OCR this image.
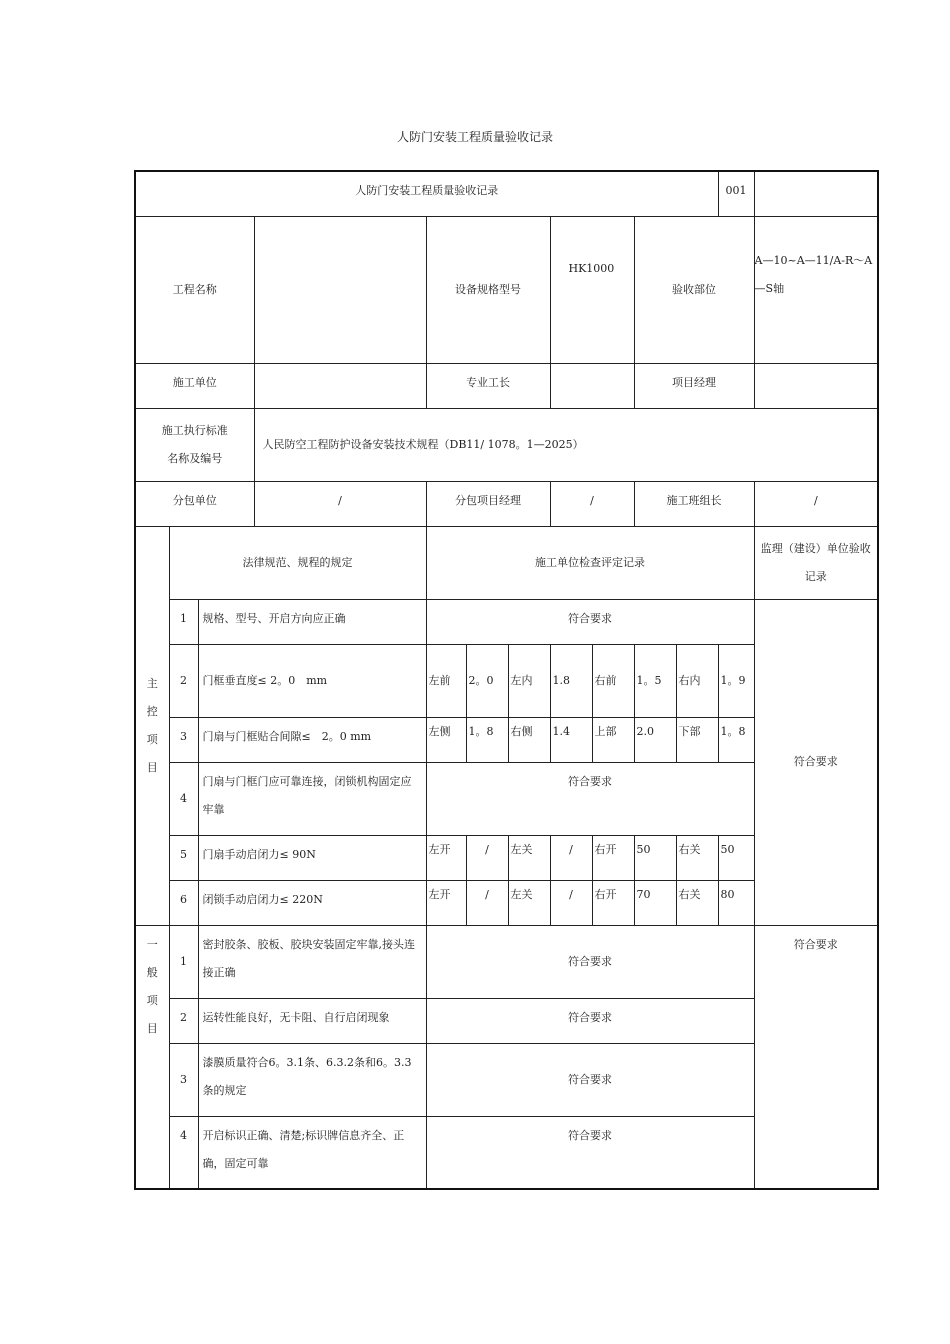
人防门安装工程质量验收记录
人防门安装工程质量验收记录											001	
工程名称				设备规格型号			HK1000		验收部位			A—10~A—11/A-R～A—S轴
施工单位				专业工长					项目经理			
施工执行标准
名称及编号			人民防空工程防护设备安装技术规程（DB11/ 1078。1—2025）									
分包单位			/	分包项目经理			/		施工班组长			/

主
控
项
目	法律规范、规程的规定			施工单位检查评定记录								监理（建设）单位验收记录
	1	规格、型号、开启方向应正确		符合要求								符合要求
	2	门框垂直度≤ 2。0　mm		左前	2。0	左内	1.8	右前	1。5	右内	1。9	
	3	门扇与门框贴合间隙≤　2。0 mm		左侧	1。8	右侧	1.4	上部	2.0	下部	1。8	
	4	门扇与门框门应可靠连接，闭锁机构固定应牢靠		符合要求								
	5	门扇手动启闭力≤ 90N		左开	/	左关	/	右开	50	右关	50	
	6	闭锁手动启闭力≤ 220N		左开	/	左关	/	右开	70	右关	80	

一
般
项
目	1	密封胶条、胶板、胶块安装固定牢靠,接头连接正确		符合要求								符合要求
	2	运转性能良好，无卡阻、自行启闭现象		符合要求								
	3	漆膜质量符合6。3.1条、6.3.2条和6。3.3条的规定		符合要求								
	4	开启标识正确、清楚;标识牌信息齐全、正确，固定可靠		符合要求								
